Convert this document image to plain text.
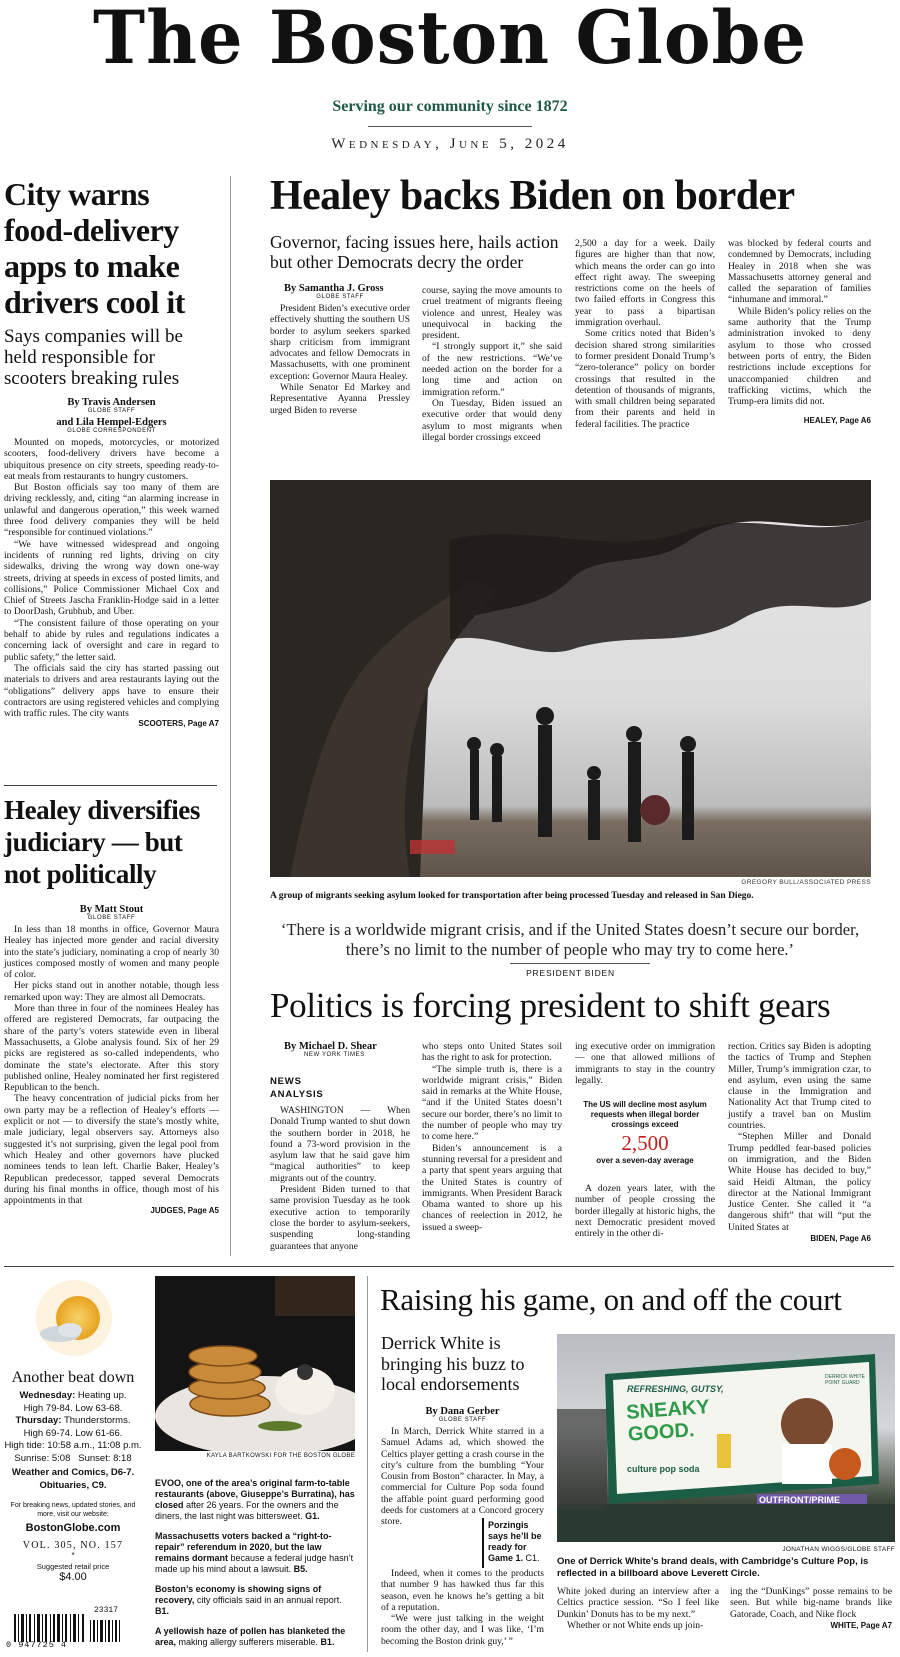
The Boston Globe
Serving our community since 1872
Wednesday, June 5, 2024
City warns food-delivery apps to make drivers cool it
Says companies will be held responsible for scooters breaking rules
By Travis Andersen
GLOBE STAFF
and Lila Hempel-Edgers
GLOBE CORRESPONDENT

Mounted on mopeds, motorcycles, or motorized scooters, food-delivery drivers have become a ubiquitous presence on city streets, speeding ready-to-eat meals from restaurants to hungry customers.

But Boston officials say too many of them are driving recklessly, and, citing “an alarming increase in unlawful and dangerous operation,” this week warned three food delivery companies they will be held “responsible for continued violations.”

“We have witnessed widespread and ongoing incidents of running red lights, driving on city sidewalks, driving the wrong way down one-way streets, driving at speeds in excess of posted limits, and collisions,” Police Commissioner Michael Cox and Chief of Streets Jascha Franklin-Hodge said in a letter to DoorDash, Grubhub, and Uber.

“The consistent failure of those operating on your behalf to abide by rules and regulations indicates a concerning lack of oversight and care in regard to public safety,” the letter said.

The officials said the city has started passing out materials to drivers and area restaurants laying out the “obligations” delivery apps have to ensure their contractors are using registered vehicles and complying with traffic rules. The city wants

SCOOTERS, Page A7
Healey diversifies judiciary — but not politically
By Matt Stout
GLOBE STAFF

In less than 18 months in office, Governor Maura Healey has injected more gender and racial diversity into the state’s judiciary, nominating a crop of nearly 30 justices composed mostly of women and many people of color.

Her picks stand out in another notable, though less remarked upon way: They are almost all Democrats.

More than three in four of the nominees Healey has offered are registered Democrats, far outpacing the share of the party’s voters statewide even in liberal Massachusetts, a Globe analysis found. Six of her 29 picks are registered as so-called independents, who dominate the state’s electorate. After this story published online, Healey nominated her first registered Republican to the bench.

The heavy concentration of judicial picks from her own party may be a reflection of Healey’s efforts — explicit or not — to diversify the state’s mostly white, male judiciary, legal observers say. Attorneys also suggested it’s not surprising, given the legal pool from which Healey and other governors have plucked nominees tends to lean left. Charlie Baker, Healey’s Republican predecessor, tapped several Democrats during his final months in office, though most of his appointments in that

JUDGES, Page A5
Healey backs Biden on border
Governor, facing issues here, hails action but other Democrats decry the order
By Samantha J. Gross
GLOBE STAFF

President Biden’s executive order effectively shutting the southern US border to asylum seekers sparked sharp criticism from immigrant advocates and fellow Democrats in Massachusetts, with one prominent exception: Governor Maura Healey.

While Senator Ed Markey and Representative Ayanna Pressley urged Biden to reverse

course, saying the move amounts to cruel treatment of migrants fleeing violence and unrest, Healey was unequivocal in backing the president.

“I strongly support it,” she said of the new restrictions. “We’ve needed action on the border for a long time and action on immigration reform.”

On Tuesday, Biden issued an executive order that would deny asylum to most migrants when illegal border crossings exceed

2,500 a day for a week. Daily figures are higher than that now, which means the order can go into effect right away. The sweeping restrictions come on the heels of two failed efforts in Congress this year to pass a bipartisan immigration overhaul.

Some critics noted that Biden’s decision shared strong similarities to former president Donald Trump’s “zero-tolerance” policy on border crossings that resulted in the detention of thousands of migrants, with small children being separated from their parents and held in federal facilities. The practice

was blocked by federal courts and condemned by Democrats, including Healey in 2018 when she was Massachusetts attorney general and called the separation of families “inhumane and immoral.”

While Biden’s policy relies on the same authority that the Trump administration invoked to deny asylum to those who crossed between ports of entry, the Biden restrictions include exceptions for unaccompanied children and trafficking victims, which the Trump-era limits did not.

HEALEY, Page A6
GREGORY BULL/ASSOCIATED PRESS
A group of migrants seeking asylum looked for transportation after being processed Tuesday and released in San Diego.
‘There is a worldwide migrant crisis, and if the United States doesn’t secure our border, there’s no limit to the number of people who may try to come here.’
PRESIDENT BIDEN
Politics is forcing president to shift gears
By Michael D. Shear
NEW YORK TIMES
NEWS ANALYSIS

WASHINGTON — When Donald Trump wanted to shut down the southern border in 2018, he found a 73-word provision in the asylum law that he said gave him “magical authorities” to keep migrants out of the country.

President Biden turned to that same provision Tuesday as he took executive action to temporarily close the border to asylum-seekers, suspending long-standing guarantees that anyone

who steps onto United States soil has the right to ask for protection.

“The simple truth is, there is a worldwide migrant crisis,” Biden said in remarks at the White House, “and if the United States doesn’t secure our border, there’s no limit to the number of people who may try to come here.”

Biden’s announcement is a stunning reversal for a president and a party that spent years arguing that the United States is country of immigrants. When President Barack Obama wanted to shore up his chances of reelection in 2012, he issued a sweep-

ing executive order on immigration — one that allowed millions of immigrants to stay in the country legally.
The US will decline most asylum requests when illegal border crossings exceed
2,500
over a seven-day average

A dozen years later, with the number of people crossing the border illegally at historic highs, the next Democratic president moved entirely in the other di-

rection. Critics say Biden is adopting the tactics of Trump and Stephen Miller, Trump’s immigration czar, to end asylum, even using the same clause in the Immigration and Nationality Act that Trump cited to justify a travel ban on Muslim countries.

“Stephen Miller and Donald Trump peddled fear-based policies on immigration, and the Biden White House has decided to buy,” said Heidi Altman, the policy director at the National Immigrant Justice Center. She called it “a dangerous shift” that will “put the United States at

BIDEN, Page A6
Another beat down
Wednesday: Heating up.
High 79-84. Low 63-68.
Thursday: Thunderstorms.
High 69-74. Low 61-66.
High tide: 10:58 a.m., 11:08 p.m.
Sunrise: 5:08   Sunset: 8:18
Weather and Comics, D6-7.
Obituaries, C9.
For breaking news, updated stories, and more, visit our website:
BostonGlobe.com
VOL. 305, NO. 157
*
Suggested retail price
$4.00
23317
0 947725 4
KAYLA BARTKOWSKI FOR THE BOSTON GLOBE
EVOO, one of the area’s original farm-to-table restaurants (above, Giuseppe’s Burratina), has closed after 26 years. For the owners and the diners, the last night was bittersweet. G1.
Massachusetts voters backed a “right-to-repair” referendum in 2020, but the law remains dormant because a federal judge hasn’t made up his mind about a lawsuit. B5.
Boston’s economy is showing signs of recovery, city officials said in an annual report. B1.
A yellowish haze of pollen has blanketed the area, making allergy sufferers miserable. B1.
Raising his game, on and off the court
Derrick White is bringing his buzz to local endorsements
By Dana Gerber
GLOBE STAFF

In March, Derrick White starred in a Samuel Adams ad, which showed the Celtics player getting a crash course in the city’s culture from the bumbling “Your Cousin from Boston” character. In May, a commercial for Culture Pop soda found the affable point guard performing good deeds for customers at a Concord grocery store.	Porzingis says he’ll be ready for Game 1. C1.

Indeed, when it comes to the products that number 9 has hawked thus far this season, even he knows he’s getting a bit of a reputation.

“We were just talking in the weight room the other day, and I was like, ‘I’m becoming the Boston drink guy,’ ”

REFRESHING, GUTSY,
SNEAKY GOOD.
culture pop soda
DERRICK WHITE POINT GUARD
OUTFRONT/PRIME
JONATHAN WIGGS/GLOBE STAFF
One of Derrick White’s brand deals, with Cambridge’s Culture Pop, is reflected in a billboard above Leverett Circle.

White joked during an interview after a Celtics practice session. “So I feel like Dunkin’ Donuts has to be my next.”

Whether or not White ends up join-

ing the “DunKings” posse remains to be seen. But while big-name brands like Gatorade, Coach, and Nike flock

WHITE, Page A7
